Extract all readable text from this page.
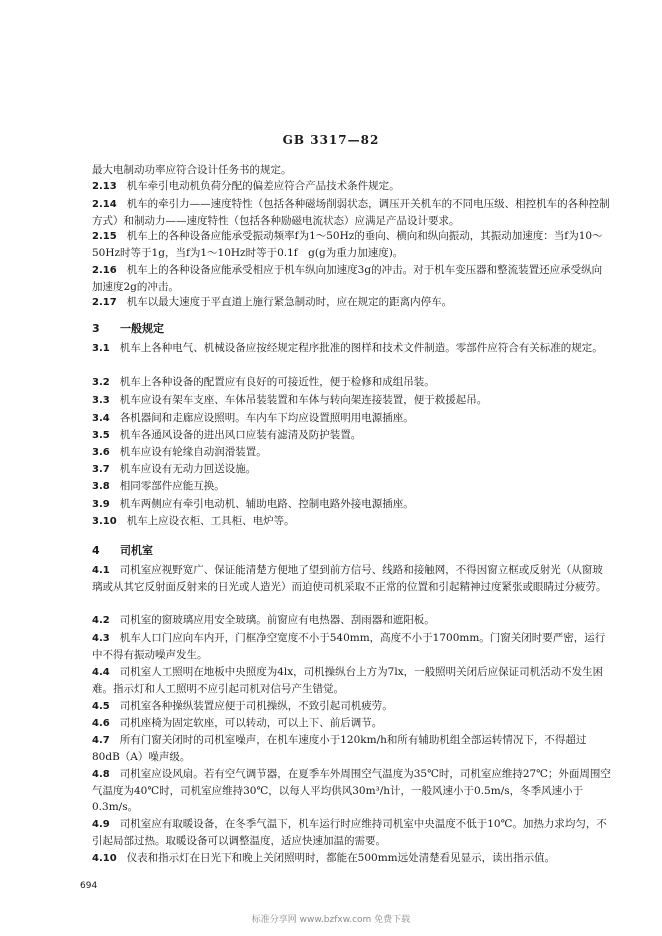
GB 3317—82

最大电制动功率应符合设计任务书的规定。

2.13 机车牵引电动机负荷分配的偏差应符合产品技术条件规定。

2.14 机车的牵引力——速度特性（包括各种磁场削弱状态，调压开关机车的不同电压级、相控机车的各种控制方式）和制动力——速度特性（包括各种励磁电流状态）应满足产品设计要求。

2.15 机车上的各种设备应能承受振动频率f为1～50Hz的垂向、横向和纵向振动，其振动加速度：当f为10～50Hz时等于1g，当f为1～10Hz时等于0.1f　g(g为重力加速度)。

2.16 机车上的各种设备应能承受相应于机车纵向加速度3g的冲击。对于机车变压器和整流装置还应承受纵向加速度2g的冲击。

2.17 机车以最大速度于平直道上施行紧急制动时，应在规定的距离内停车。

3 一般规定

3.1 机车上各种电气、机械设备应按经规定程序批准的图样和技术文件制造。零部件应符合有关标准的规定。

3.2 机车上各种设备的配置应有良好的可接近性，便于检修和成组吊装。

3.3 机车应设有架车支座、车体吊装装置和车体与转向架连接装置，便于救援起吊。

3.4 各机器间和走廊应设照明。车内车下均应设置照明用电源插座。

3.5 机车各通风设备的进出风口应装有滤清及防护装置。

3.6 机车应设有轮缘自动润滑装置。

3.7 机车应设有无动力回送设施。

3.8 相同零部件应能互换。

3.9 机车两侧应有牵引电动机、辅助电路、控制电路外接电源插座。

3.10 机车上应设衣柜、工具柜、电炉等。

4 司机室

4.1 司机室应视野宽广、保证能清楚方便地了望到前方信号、线路和接触网，不得因窗立框或反射光（从窗玻璃或从其它反射面反射来的日光或人造光）而迫使司机采取不正常的位置和引起精神过度紧张或眼睛过分疲劳。

4.2 司机室的窗玻璃应用安全玻璃。前窗应有电热器、刮雨器和遮阳板。

4.3 机车人口门应向车内开，门框净空宽度不小于540mm，高度不小于1700mm。门窗关闭时要严密，运行中不得有振动噪声发生。

4.4 司机室人工照明在地板中央照度为4lx，司机操纵台上方为7lx，一般照明关闭后应保证司机活动不发生困难。指示灯和人工照明不应引起司机对信号产生错觉。

4.5 司机室各种操纵装置应便于司机操纵，不致引起司机疲劳。

4.6 司机座椅为固定软座，可以转动，可以上下、前后调节。

4.7 所有门窗关闭时的司机室噪声，在机车速度小于120km/h和所有辅助机组全部运转情况下，不得超过80dB（A）噪声级。

4.8 司机室应设风扇。若有空气调节器，在夏季车外周围空气温度为35℃时，司机室应维持27℃；外面周围空气温度为40℃时，司机室应维持30℃，以每人平均供风30m³/h计，一般风速小于0.5m/s，冬季风速小于0.3m/s。

4.9 司机室应有取暖设备，在冬季气温下，机车运行时应维持司机室中央温度不低于10℃。加热力求均匀，不引起局部过热。取暖设备可以调整温度，适应快速加温的需要。

4.10 仪表和指示灯在日光下和晚上关闭照明时，都能在500mm远处清楚看见显示，读出指示值。

694
标准分享网 www.bzfxw.com 免费下载
